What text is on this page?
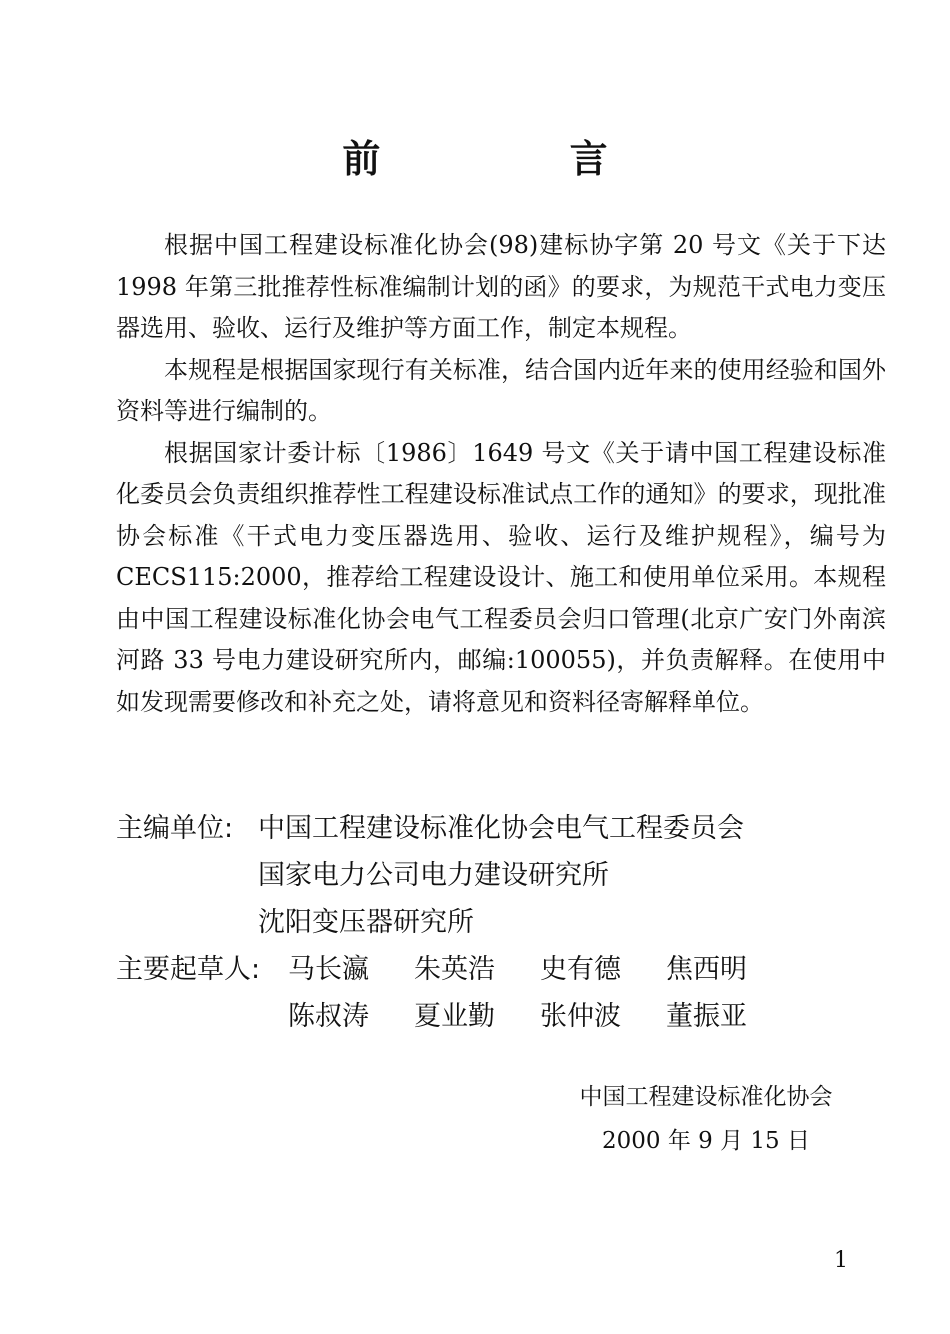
前 言

根据中国工程建设标准化协会(98)建标协字第 20 号文《关于下达 1998 年第三批推荐性标准编制计划的函》的要求，为规范干式电力变压器选用、验收、运行及维护等方面工作，制定本规程。

本规程是根据国家现行有关标准，结合国内近年来的使用经验和国外资料等进行编制的。

根据国家计委计标〔1986〕1649 号文《关于请中国工程建设标准化委员会负责组织推荐性工程建设标准试点工作的通知》的要求，现批准协会标准《干式电力变压器选用、验收、运行及维护规程》，编号为 CECS115:2000，推荐给工程建设设计、施工和使用单位采用。本规程由中国工程建设标准化协会电气工程委员会归口管理(北京广安门外南滨河路 33 号电力建设研究所内，邮编:100055)，并负责解释。在使用中如发现需要修改和补充之处，请将意见和资料径寄解释单位。

主编单位: 中国工程建设标准化协会电气工程委员会
国家电力公司电力建设研究所
沈阳变压器研究所
主要起草人:	马长瀛	朱英浩	史有德	焦西明
陈叔涛	夏业勤	张仲波	董振亚
中国工程建设标准化协会
2000 年 9 月 15 日
1
